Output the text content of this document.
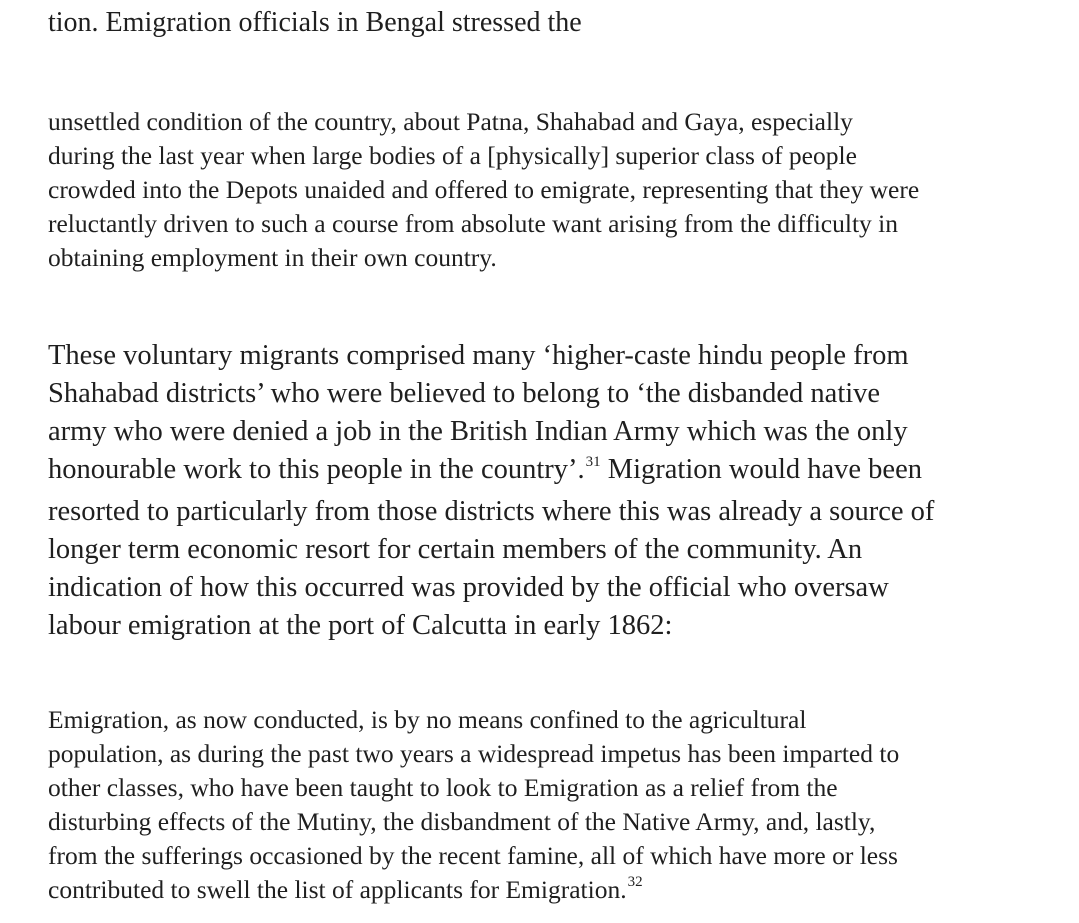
tion. Emigration officials in Bengal stressed the

unsettled condition of the country, about Patna, Shahabad and Gaya, especially
during the last year when large bodies of a [physically] superior class of people
crowded into the Depots unaided and offered to emigrate, representing that they were
reluctantly driven to such a course from absolute want arising from the difficulty in
obtaining employment in their own country.
These voluntary migrants comprised many ‘higher-caste hindu people from
Shahabad districts’ who were believed to belong to ‘the disbanded native
army who were denied a job in the British Indian Army which was the only
honourable work to this people in the country’.$^{31}$ Migration would have been
resorted to particularly from those districts where this was already a source of
longer term economic resort for certain members of the community. An
indication of how this occurred was provided by the official who oversaw
labour emigration at the port of Calcutta in early 1862:
Emigration, as now conducted, is by no means confined to the agricultural
population, as during the past two years a widespread impetus has been imparted to
other classes, who have been taught to look to Emigration as a relief from the
disturbing effects of the Mutiny, the disbandment of the Native Army, and, lastly,
from the sufferings occasioned by the recent famine, all of which have more or less
contributed to swell the list of applicants for Emigration.$^{32}$
